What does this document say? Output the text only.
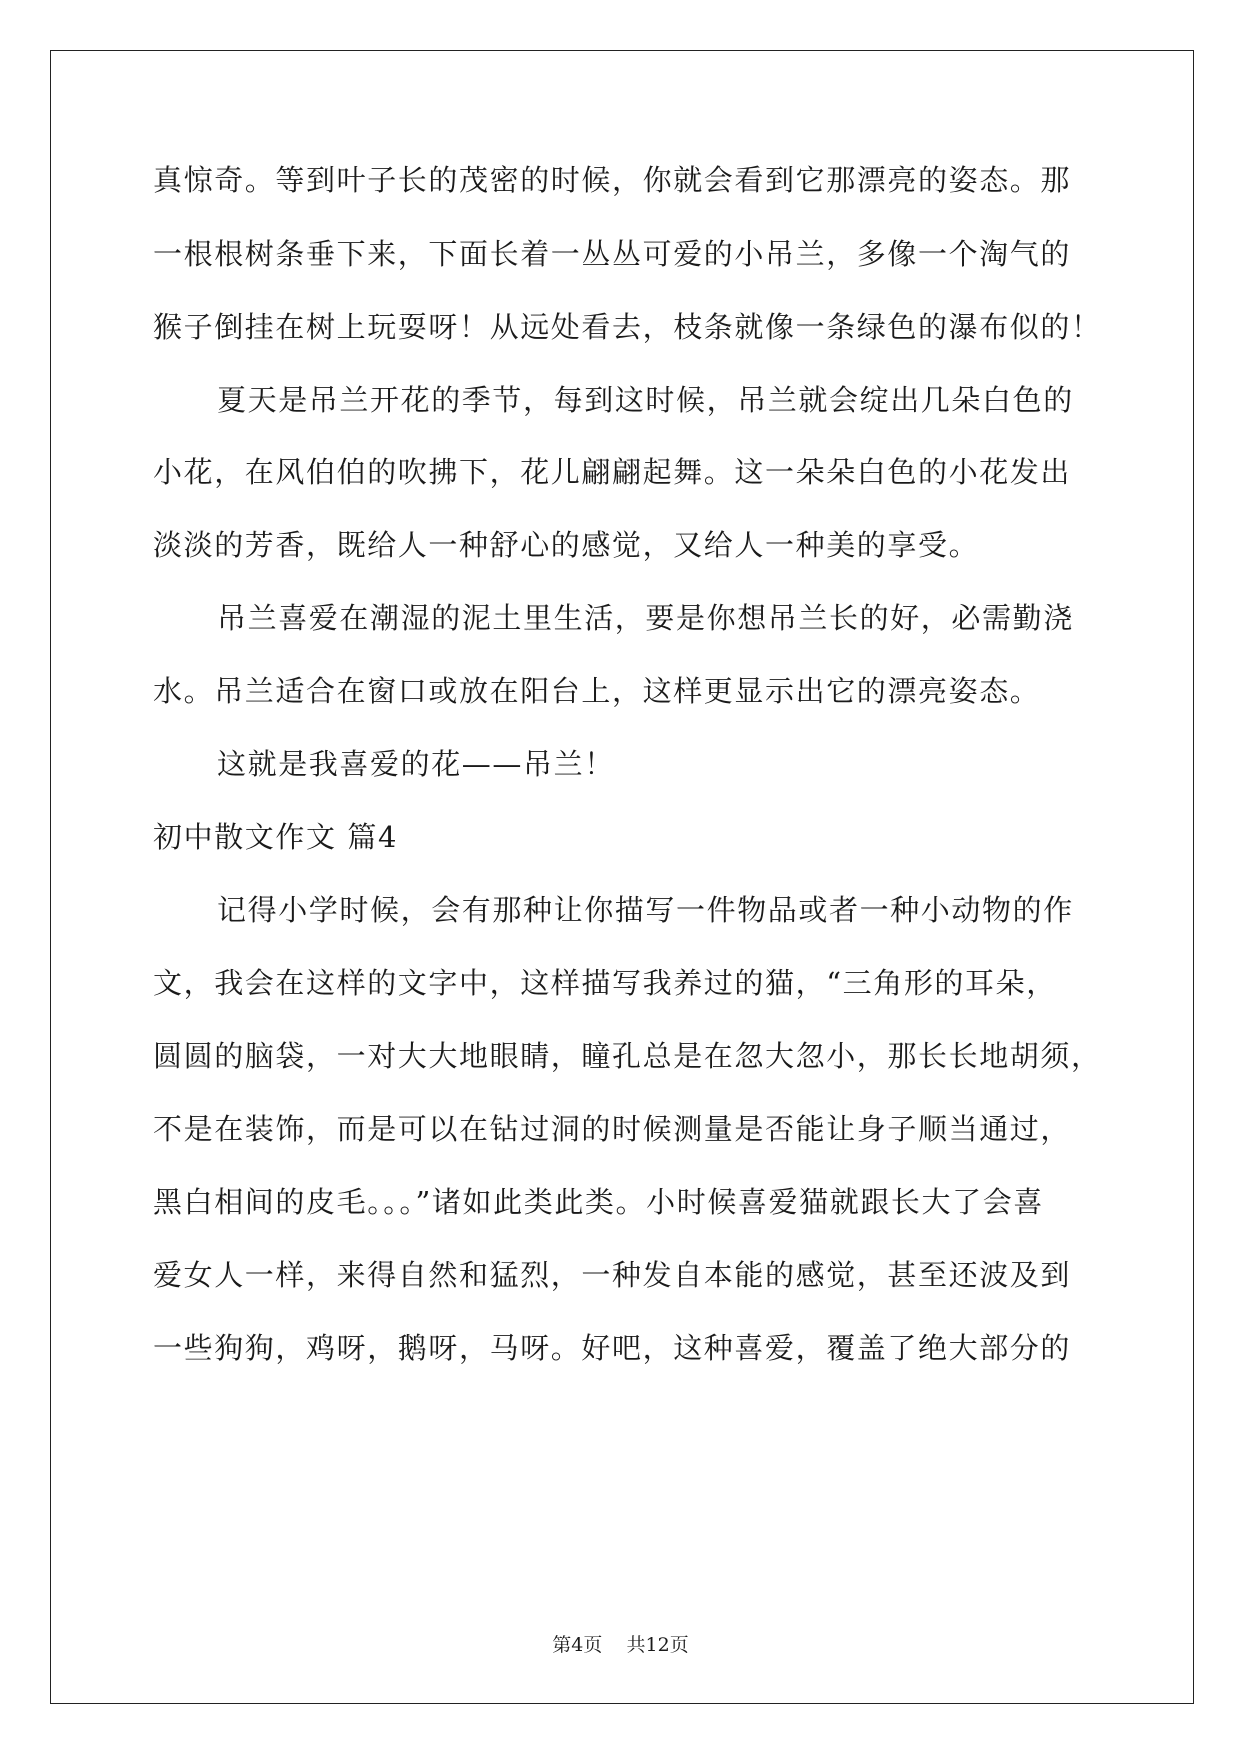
真惊奇。等到叶子长的茂密的时候，你就会看到它那漂亮的姿态。那
一根根树条垂下来，下面长着一丛丛可爱的小吊兰，多像一个淘气的
猴子倒挂在树上玩耍呀！从远处看去，枝条就像一条绿色的瀑布似的！
夏天是吊兰开花的季节，每到这时候，吊兰就会绽出几朵白色的
小花，在风伯伯的吹拂下，花儿翩翩起舞。这一朵朵白色的小花发出
淡淡的芳香，既给人一种舒心的感觉，又给人一种美的享受。
吊兰喜爱在潮湿的泥土里生活，要是你想吊兰长的好，必需勤浇
水。吊兰适合在窗口或放在阳台上，这样更显示出它的漂亮姿态。
这就是我喜爱的花——吊兰！
初中散文作文 篇4
记得小学时候，会有那种让你描写一件物品或者一种小动物的作
文，我会在这样的文字中，这样描写我养过的猫，“三角形的耳朵，
圆圆的脑袋，一对大大地眼睛，瞳孔总是在忽大忽小，那长长地胡须，
不是在装饰，而是可以在钻过洞的时候测量是否能让身子顺当通过，
黑白相间的皮毛。。。”诸如此类此类。小时候喜爱猫就跟长大了会喜
爱女人一样，来得自然和猛烈，一种发自本能的感觉，甚至还波及到
一些狗狗，鸡呀，鹅呀，马呀。好吧，这种喜爱，覆盖了绝大部分的
第4页 共12页
